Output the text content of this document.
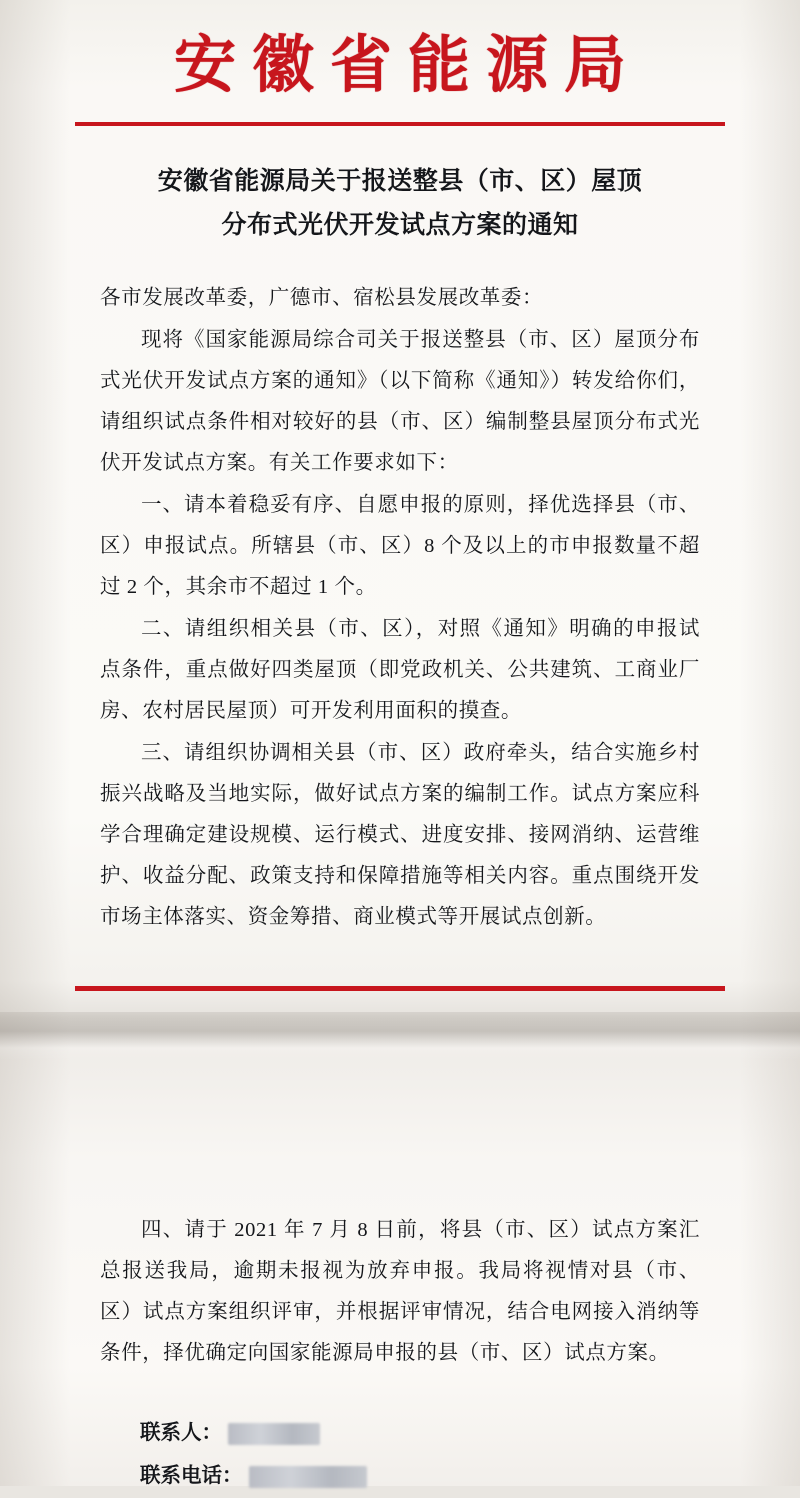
安徽省能源局
安徽省能源局关于报送整县（市、区）屋顶
分布式光伏开发试点方案的通知

各市发展改革委，广德市、宿松县发展改革委：

现将《国家能源局综合司关于报送整县（市、区）屋顶分布式光伏开发试点方案的通知》（以下简称《通知》）转发给你们，请组织试点条件相对较好的县（市、区）编制整县屋顶分布式光伏开发试点方案。有关工作要求如下：

一、请本着稳妥有序、自愿申报的原则，择优选择县（市、区）申报试点。所辖县（市、区）8 个及以上的市申报数量不超过 2 个，其余市不超过 1 个。

二、请组织相关县（市、区），对照《通知》明确的申报试点条件，重点做好四类屋顶（即党政机关、公共建筑、工商业厂房、农村居民屋顶）可开发利用面积的摸查。

三、请组织协调相关县（市、区）政府牵头，结合实施乡村振兴战略及当地实际，做好试点方案的编制工作。试点方案应科学合理确定建设规模、运行模式、进度安排、接网消纳、运营维护、收益分配、政策支持和保障措施等相关内容。重点围绕开发市场主体落实、资金筹措、商业模式等开展试点创新。

四、请于 2021 年 7 月 8 日前，将县（市、区）试点方案汇总报送我局，逾期未报视为放弃申报。我局将视情对县（市、区）试点方案组织评审，并根据评审情况，结合电网接入消纳等条件，择优确定向国家能源局申报的县（市、区）试点方案。

联系人：
联系电话：
